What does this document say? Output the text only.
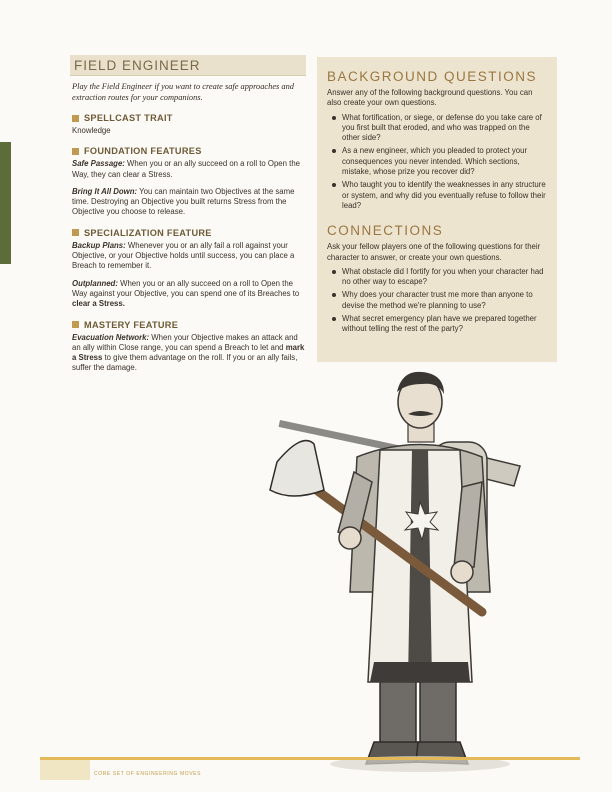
FIELD ENGINEER
Play the Field Engineer if you want to create safe approaches and extraction routes for your companions.
SPELLCAST TRAIT
Knowledge
FOUNDATION FEATURES
Safe Passage: When you or an ally succeed on a roll to Open the Way, they can clear a Stress.
Bring It All Down: You can maintain two Objectives at the same time. Destroying an Objective you built returns Stress from the Objective you choose to release.
SPECIALIZATION FEATURE
Backup Plans: Whenever you or an ally fail a roll against your Objective, or your Objective holds until success, you can place a Breach to remember it.
Outplanned: When you or an ally succeed on a roll to Open the Way against your Objective, you can spend one of its Breaches to clear a Stress.
MASTERY FEATURE
Evacuation Network: When your Objective makes an attack and an ally within Close range, you can spend a Breach to let and mark a Stress to give them advantage on the roll. If you or an ally fails, suffer the damage.
BACKGROUND QUESTIONS
Answer any of the following background questions. You can also create your own questions.
What fortification, or siege, or defense do you take care of you first built that eroded, and who was trapped on the other side?
As a new engineer, which you pleaded to protect your consequences you never intended. Which sections, mistake, whose prize you recover did?
Who taught you to identify the weaknesses in any structure or system, and why did you eventually refuse to follow their lead?
CONNECTIONS
Ask your fellow players one of the following questions for their character to answer, or create your own questions.
What obstacle did I fortify for you when your character had no other way to escape?
Why does your character trust me more than anyone to devise the method we're planning to use?
What secret emergency plan have we prepared together without telling the rest of the party?
CORE SET OF ENGINEERING MOVES
